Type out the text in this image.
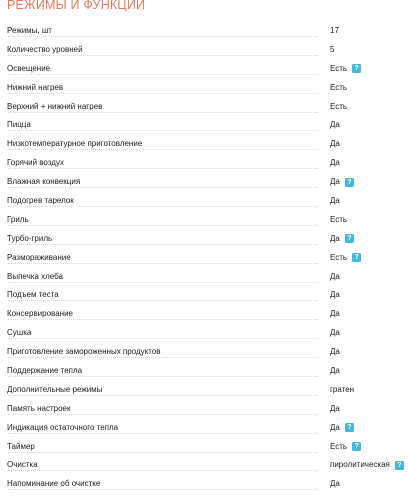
РЕЖИМЫ И ФУНКЦИИ
Режимы, шт	17
Количество уровней	5
Освещение	Есть	?
Нижний нагрев	Есть
Верхний + нижний нагрев	Есть
Пицца	Да
Низкотемпературное приготовление	Да
Горячий воздух	Да
Влажная конвекция	Да	?
Подогрев тарелок	Да
Гриль	Есть
Турбо-гриль	Да	?
Размораживание	Есть	?
Выпечка хлеба	Да
Подъем теста	Да
Консервирование	Да
Сушка	Да
Приготовление замороженных продуктов	Да
Поддержание тепла	Да
Дополнительные режимы	гратен
Память настроек	Да
Индикация остаточного тепла	Да	?
Таймер	Есть	?
Очистка	пиролитическая	?
Напоминание об очистке	Да
